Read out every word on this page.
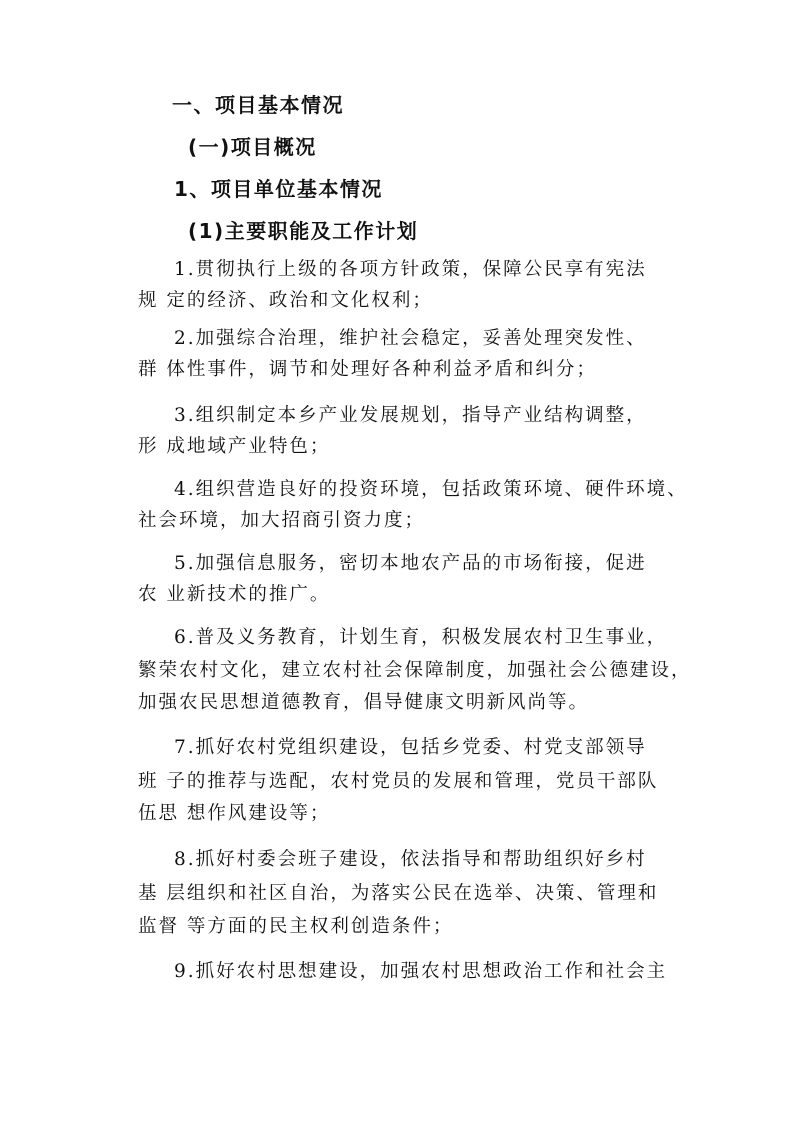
一、项目基本情况
(一)项目概况
1、项目单位基本情况
(1)主要职能及工作计划
1.贯彻执行上级的各项方针政策，保障公民享有宪法
规 定的经济、政治和文化权利；
2.加强综合治理，维护社会稳定，妥善处理突发性、
群 体性事件，调节和处理好各种利益矛盾和纠分；
3.组织制定本乡产业发展规划，指导产业结构调整，
形 成地域产业特色；
4.组织营造良好的投资环境，包括政策环境、硬件环境、
社会环境，加大招商引资力度；
5.加强信息服务，密切本地农产品的市场衔接，促进
农 业新技术的推广。
6.普及义务教育，计划生育，积极发展农村卫生事业，
繁荣农村文化，建立农村社会保障制度，加强社会公德建设，
加强农民思想道德教育，倡导健康文明新风尚等。
7.抓好农村党组织建设，包括乡党委、村党支部领导
班 子的推荐与选配，农村党员的发展和管理，党员干部队
伍思 想作风建设等；
8.抓好村委会班子建设，依法指导和帮助组织好乡村
基 层组织和社区自治，为落实公民在选举、决策、管理和
监督 等方面的民主权利创造条件；
9.抓好农村思想建设，加强农村思想政治工作和社会主
